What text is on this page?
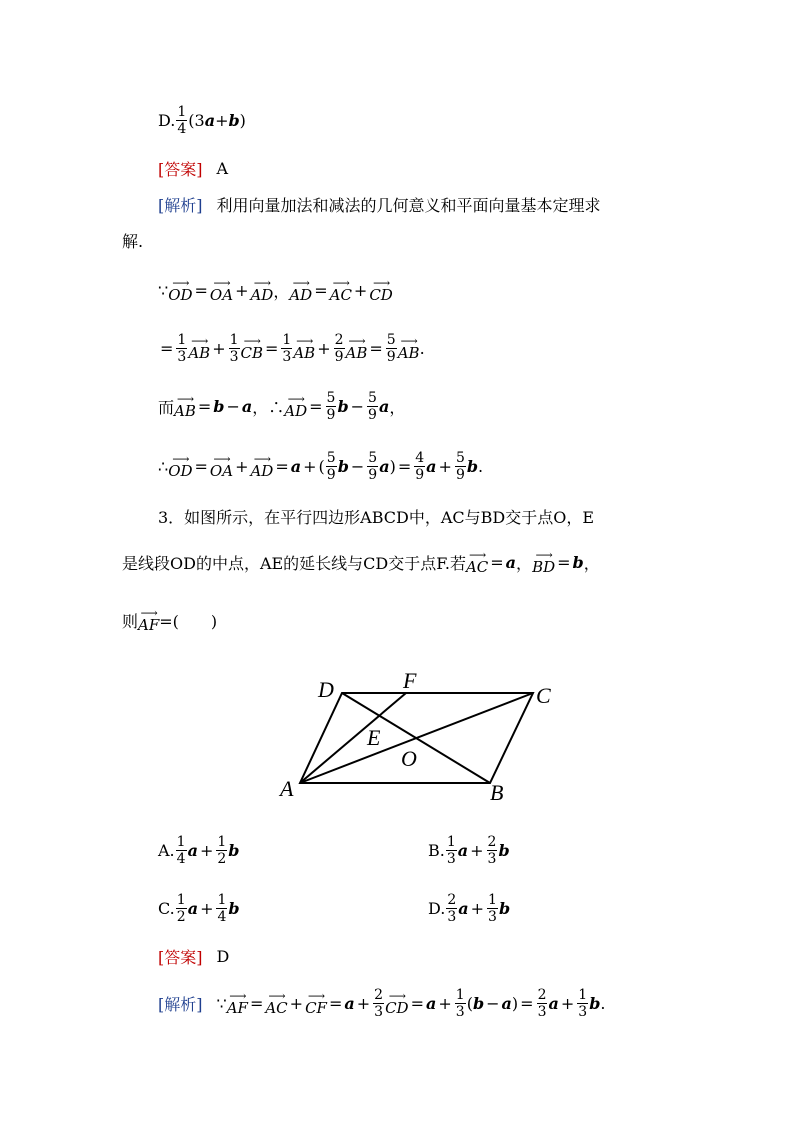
D. $\frac{1}{4} (3a+b)$
[答案] A
[解析] 利用向量加法和减法的几何意义和平面向量基本定理求
解.
∵ ⟶
OD = ⟶
OA + ⟶
AD ， ⟶
AD = ⟶
AC + ⟶
CD
= $\frac{1}{3}$ ⟶
AB + $\frac{1}{3}$ ⟶
CB = $\frac{1}{3}$ ⟶
AB + $\frac{2}{9}$ ⟶
AB = $\frac{5}{9}$ ⟶
AB .
而 ⟶
AB = b − a ，∴ ⟶
AD = $\frac{5}{9}$ $b - \frac{5}{9}$ a ，
∴ ⟶
OD = ⟶
OA + ⟶
AD = a + ( $\frac{5}{9}$ $b - \frac{5}{9}$ a ) = $\frac{4}{9}$ $a + \frac{5}{9}$ b .
3．如图所示，在平行四边形ABCD中，AC与BD交于点O，E
是线段OD的中点，AE的延长线与CD交于点F.若 ⟶
AC = a ， ⟶
BD = b ，
则 ⟶
AF =(　　)
D	F
C
E
O
A	B
A. $\frac{1}{4}$ $a + \frac{1}{2}$ b	B. $\frac{1}{3}$ $a + \frac{2}{3}$ b
C. $\frac{1}{2}$ $a + \frac{1}{4}$ b	D. $\frac{2}{3}$ $a + \frac{1}{3}$ b
[答案] D
[解析] ∵ ⟶
AF = ⟶
AC + ⟶
CF = $a + \frac{2}{3}$ ⟶
CD = $a + \frac{1}{3}$ ( b − a ) = $\frac{2}{3}$ $a + \frac{1}{3}$ b .
